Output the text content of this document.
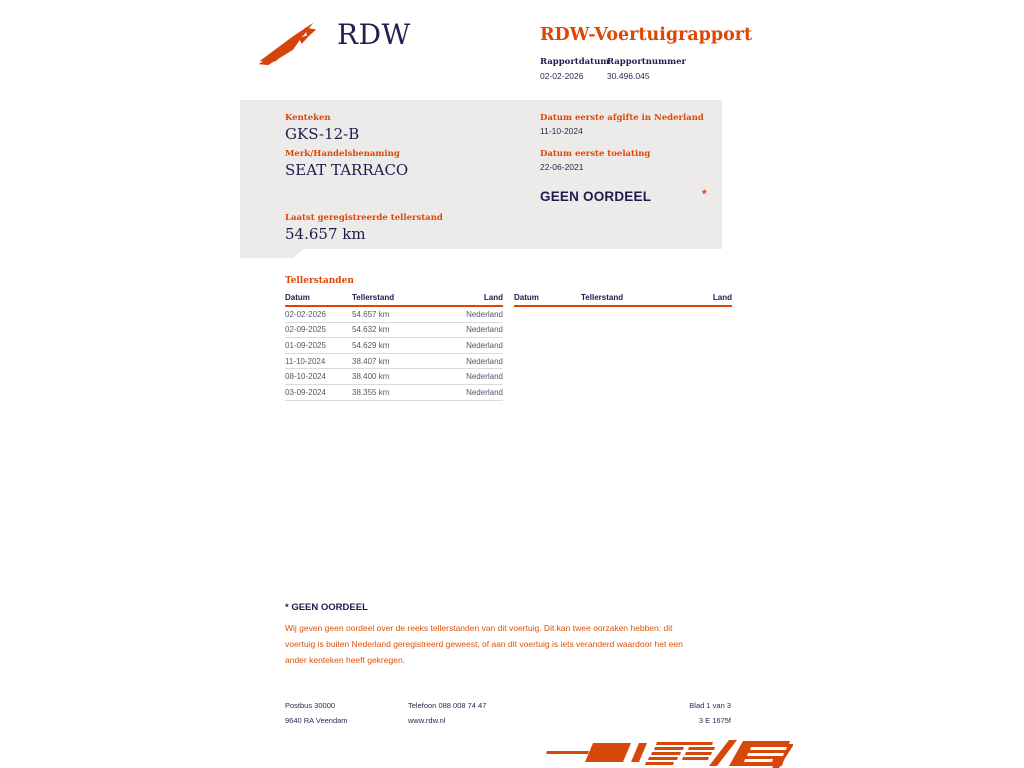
RDW	RDW-Voertuigrapport
Rapportdatum
02-02-2026
Rapportnummer
30.496.045
Kenteken
GKS-12-B
Merk/Handelsbenaming
SEAT TARRACO
Laatst geregistreerde tellerstand
54.657 km
Datum eerste afgifte in Nederland
11-10-2024
Datum eerste toelating
22-06-2021
GEEN OORDEEL	*
Tellerstanden
Datum	Tellerstand	Land
02-02-2026	54.657 km	Nederland
02-09-2025	54.632 km	Nederland
01-09-2025	54.629 km	Nederland
11-10-2024	38.407 km	Nederland
08-10-2024	38.400 km	Nederland
03-09-2024	38.355 km	Nederland
Datum	Tellerstand	Land
* GEEN OORDEEL
Wij geven geen oordeel over de reeks tellerstanden van dit voertuig. Dit kan twee oorzaken hebben: dit voertuig is buiten Nederland geregistreerd geweest, of aan dit voertuig is iets veranderd waardoor het een ander kenteken heeft gekregen.
Postbus 30000
9640 RA Veendam
Telefoon 088 008 74 47
www.rdw.nl
Blad 1 van 3
3 E 1675f
